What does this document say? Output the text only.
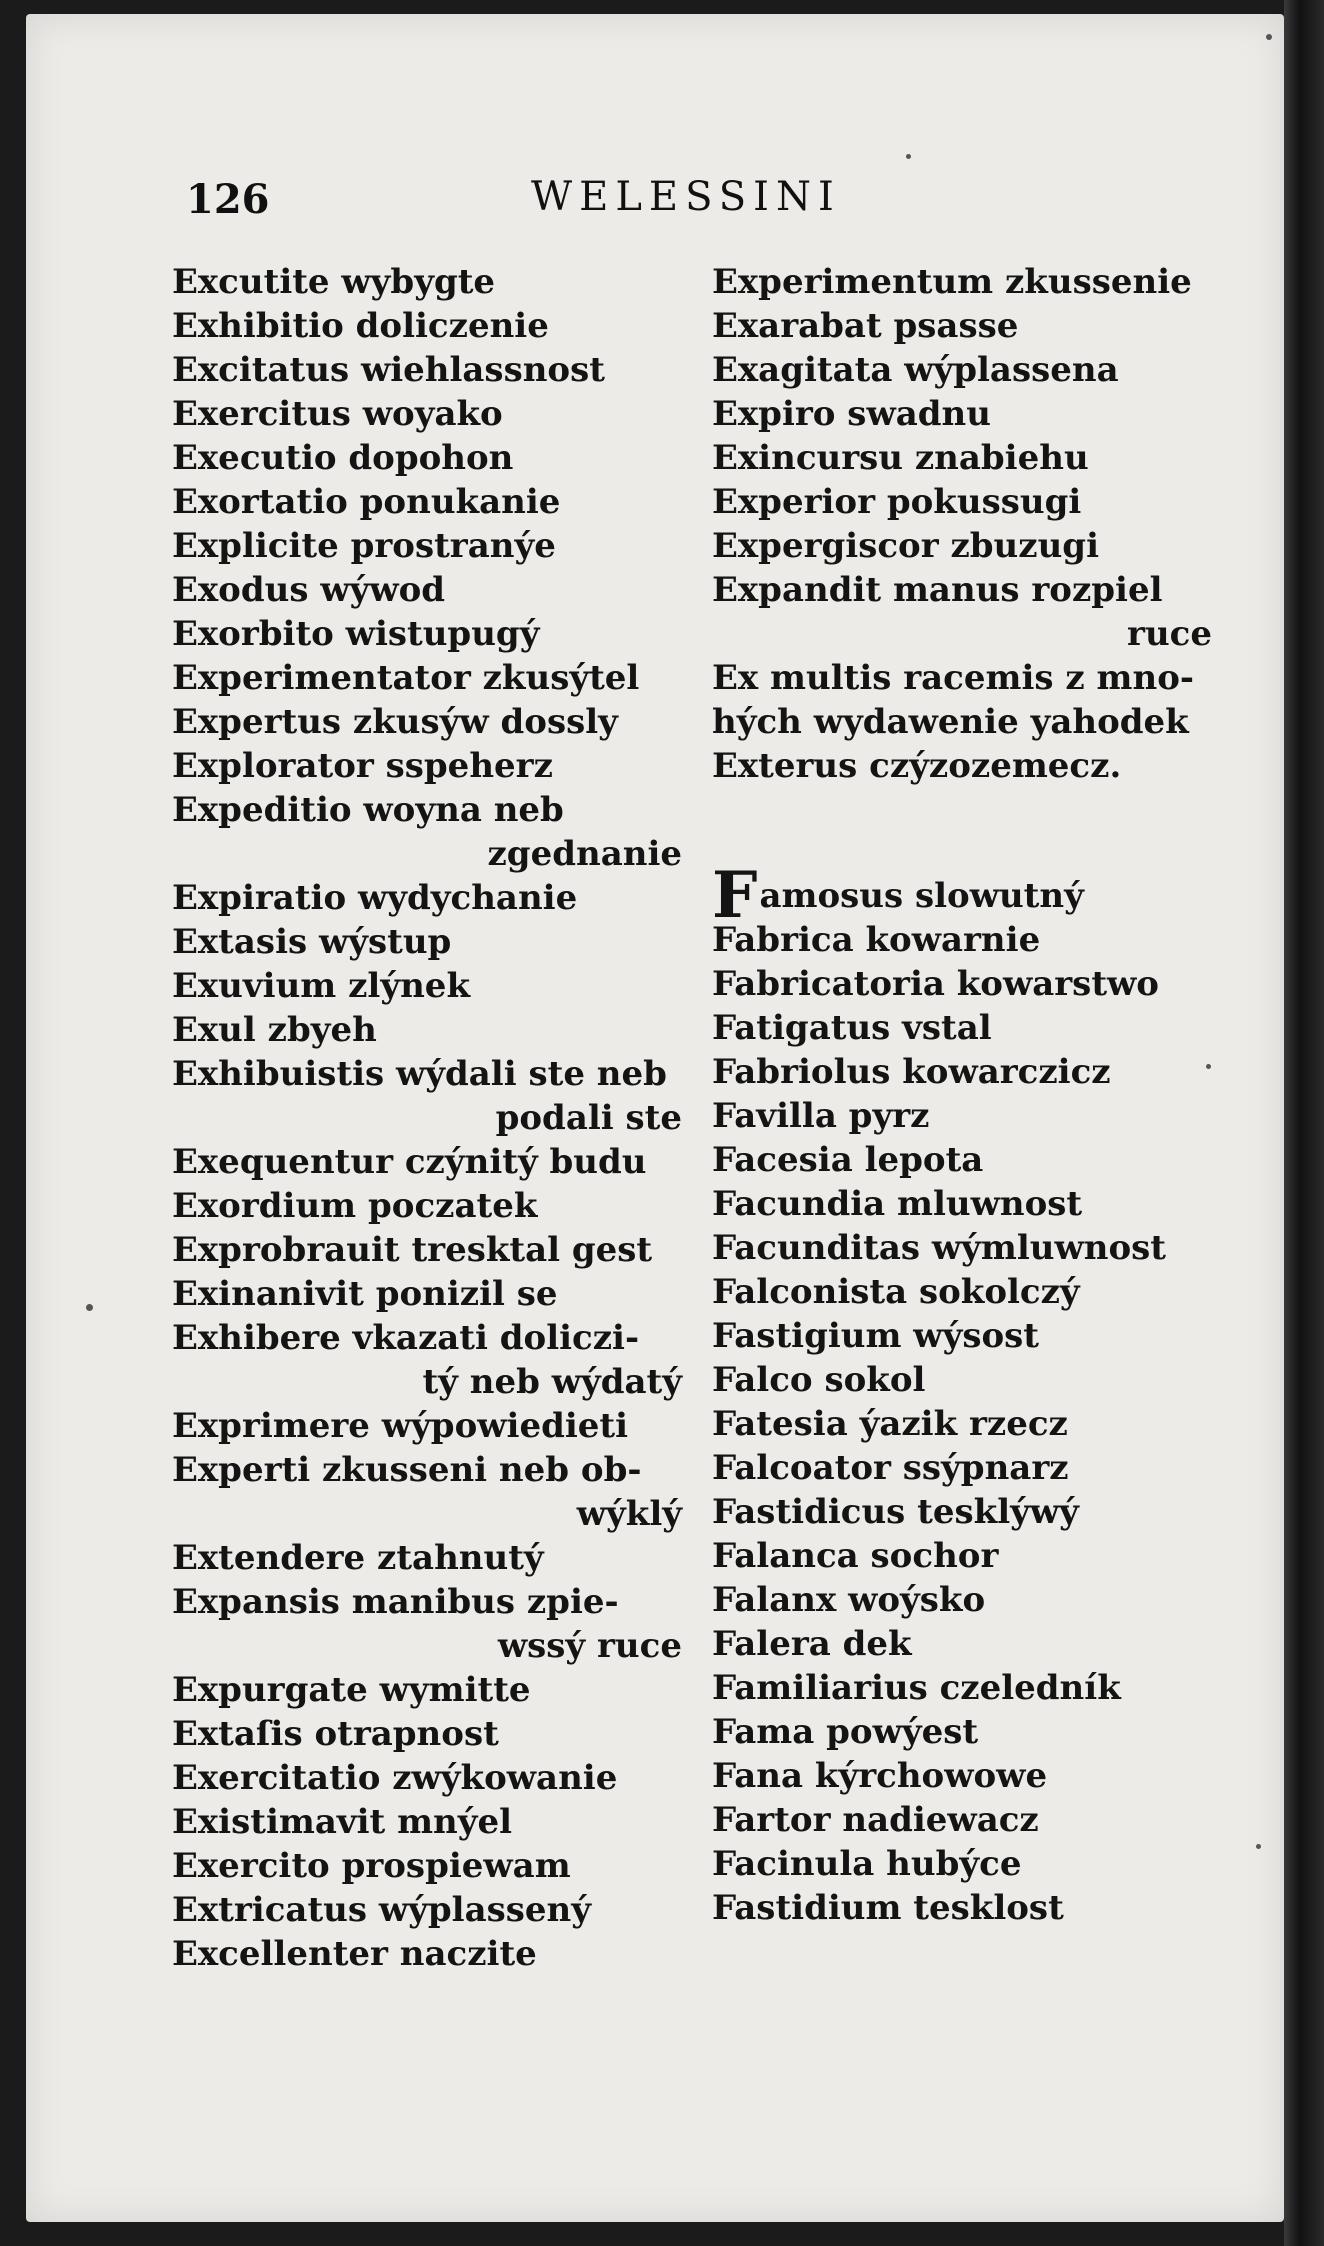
126	WELESSINI
Excutite wybygte
Exhibitio doliczenie
Excitatus wiehlassnost
Exercitus woyako
Executio dopohon
Exortatio ponukanie
Explicite prostranýe
Exodus wýwod
Exorbito wistupugý
Experimentator zkusýtel
Expertus zkusýw dossly
Explorator sspeherz
Expeditio woyna neb
zgednanie
Expiratio wydychanie
Extasis wýstup
Exuvium zlýnek
Exul zbyeh
Exhibuistis wýdali ste neb
podali ste
Exequentur czýnitý budu
Exordium poczatek
Exprobrauit tresktal gest
Exinanivit ponizil se
Exhibere vkazati doliczi-
tý neb wýdatý
Exprimere wýpowiedieti
Experti zkusseni neb ob-
wýklý
Extendere ztahnutý
Expansis manibus zpie-
wssý ruce
Expurgate wymitte
Extaſis otrapnost
Exercitatio zwýkowanie
Existimavit mnýel
Exercito prospiewam
Extricatus wýplassený
Excellenter naczite
Experimentum zkussenie
Exarabat psasse
Exagitata wýplassena
Expiro swadnu
Exincursu znabiehu
Experior pokussugi
Expergiscor zbuzugi
Expandit manus rozpiel
ruce
Ex multis racemis z mno-
hých wydawenie yahodek
Exterus czýzozemecz.
Famosus slowutný
Fabrica kowarnie
Fabricatoria kowarstwo
Fatigatus vstal
Fabriolus kowarczicz
Favilla pyrz
Facesia lepota
Facundia mluwnost
Facunditas wýmluwnost
Falconista sokolczý
Fastigium wýsost
Falco sokol
Fatesia ýazik rzecz
Falcoator ssýpnarz
Fastidicus tesklýwý
Falanca sochor
Falanx woýsko
Falera dek
Familiarius czeledník
Fama powýest
Fana kýrchowowe
Fartor nadiewacz
Facinula hubýce
Fastidium tesklost
